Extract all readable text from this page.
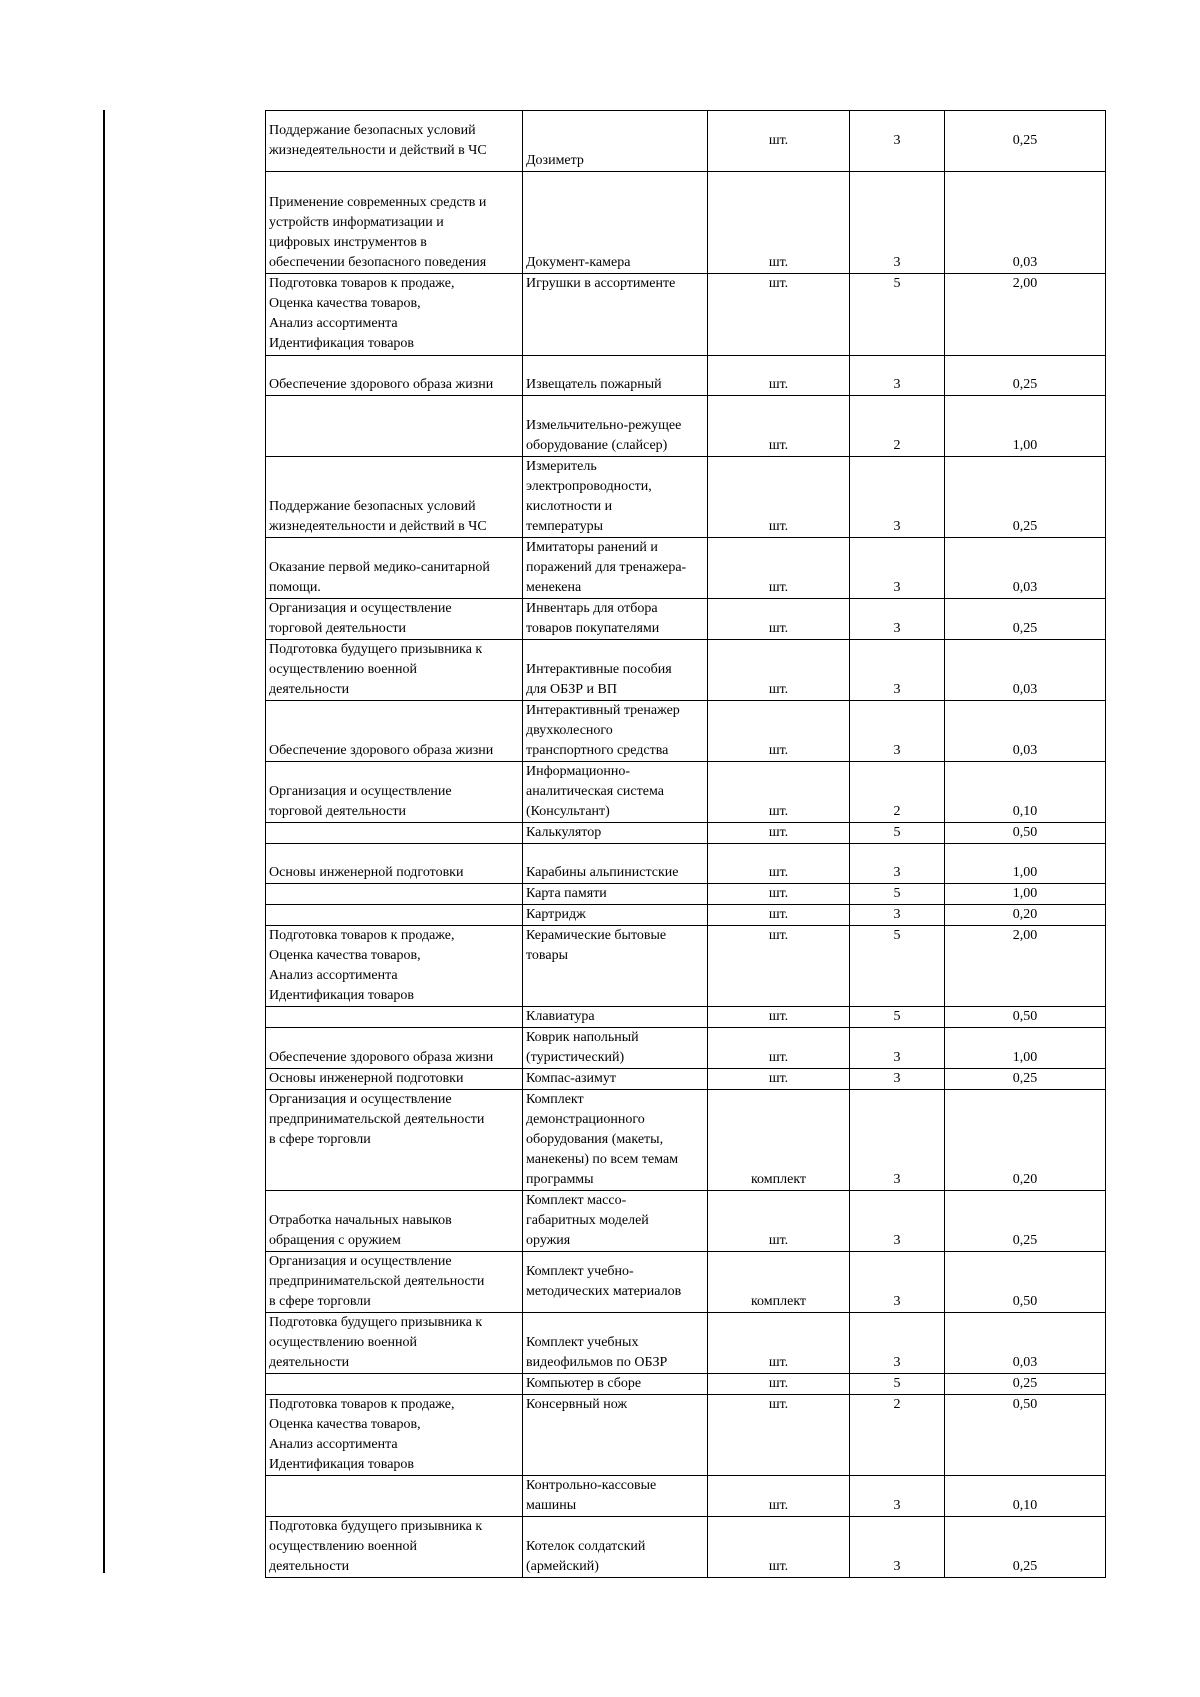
Поддержание безопасных условий
жизнедеятельности и действий в ЧС	Дозиметр	шт.	3	0,25
Применение современных средств и
устройств информатизации и
цифровых инструментов в
обеспечении безопасного поведения	Документ-камера	шт.	3	0,03
Подготовка товаров к продаже,
Оценка качества товаров,
Анализ ассортимента
Идентификация товаров	Игрушки в ассортименте	шт.	5	2,00
Обеспечение здорового образа жизни	Извещатель пожарный	шт.	3	0,25
	Измельчительно-режущее
оборудование (слайсер)	шт.	2	1,00
Поддержание безопасных условий
жизнедеятельности и действий в ЧС	Измеритель
электропроводности,
кислотности и
температуры	шт.	3	0,25
Оказание первой медико-санитарной
помощи.	Имитаторы ранений и
поражений для тренажера-
менекена	шт.	3	0,03
Организация и осуществление
торговой деятельности	Инвентарь для отбора
товаров покупателями	шт.	3	0,25
Подготовка будущего призывника к
осуществлению военной
деятельности	Интерактивные пособия
для ОБЗР и ВП	шт.	3	0,03
Обеспечение здорового образа жизни	Интерактивный тренажер
двухколесного
транспортного средства	шт.	3	0,03
Организация и осуществление
торговой деятельности	Информационно-
аналитическая система
(Консультант)	шт.	2	0,10
	Калькулятор	шт.	5	0,50
Основы инженерной подготовки	Карабины альпинистские	шт.	3	1,00
	Карта памяти	шт.	5	1,00
	Картридж	шт.	3	0,20
Подготовка товаров к продаже,
Оценка качества товаров,
Анализ ассортимента
Идентификация товаров	Керамические бытовые
товары	шт.	5	2,00
	Клавиатура	шт.	5	0,50
Обеспечение здорового образа жизни	Коврик напольный
(туристический)	шт.	3	1,00
Основы инженерной подготовки	Компас-азимут	шт.	3	0,25
Организация и осуществление
предпринимательской деятельности
в сфере торговли	Комплект
демонстрационного
оборудования (макеты,
манекены) по всем темам
программы	комплект	3	0,20
Отработка начальных навыков
обращения с оружием	Комплект массо-
габаритных моделей
оружия	шт.	3	0,25
Организация и осуществление
предпринимательской деятельности
в сфере торговли	Комплект учебно-
методических материалов	комплект	3	0,50
Подготовка будущего призывника к
осуществлению военной
деятельности	Комплект учебных
видеофильмов по ОБЗР	шт.	3	0,03
	Компьютер в сборе	шт.	5	0,25
Подготовка товаров к продаже,
Оценка качества товаров,
Анализ ассортимента
Идентификация товаров	Консервный нож	шт.	2	0,50
	Контрольно-кассовые
машины	шт.	3	0,10
Подготовка будущего призывника к
осуществлению военной
деятельности	Котелок солдатский
(армейский)	шт.	3	0,25
